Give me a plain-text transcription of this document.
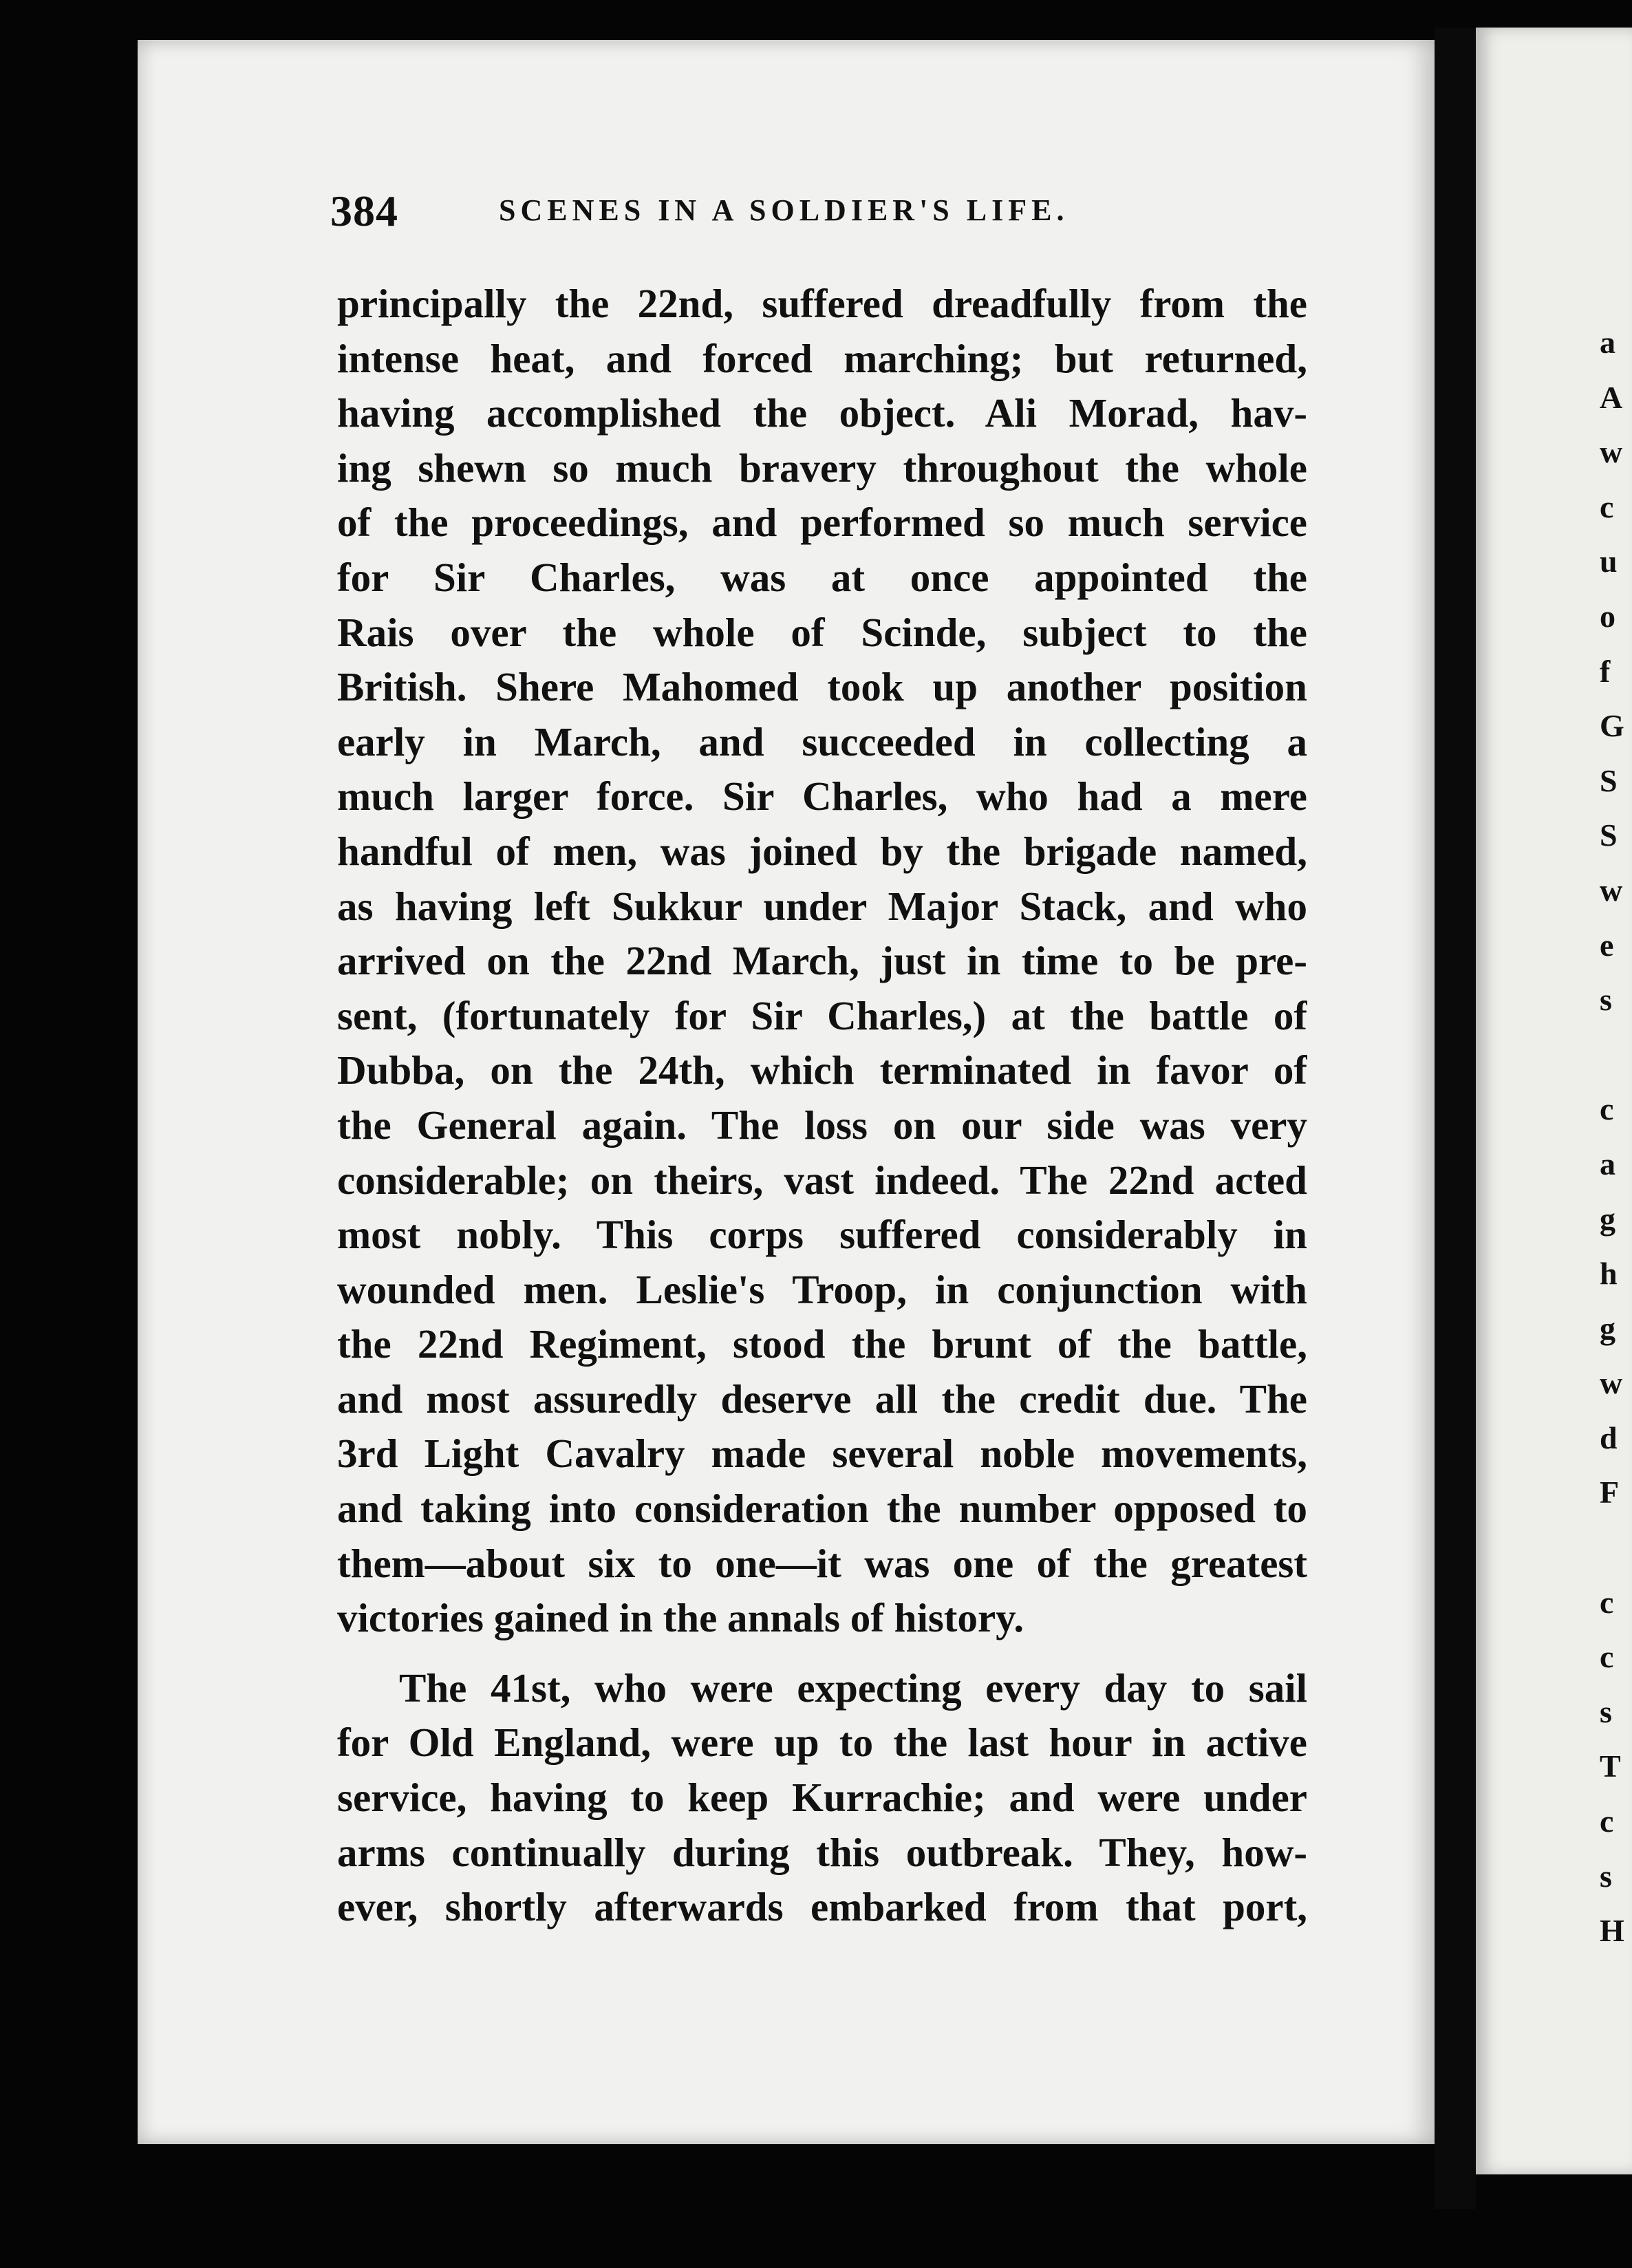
384	SCENES IN A SOLDIER'S LIFE.
principally the 22nd, suffered dreadfully from the
intense heat, and forced marching; but returned,
having accomplished the object. Ali Morad, hav-
ing shewn so much bravery throughout the whole
of the proceedings, and performed so much service
for Sir Charles, was at once appointed the
Rais over the whole of Scinde, subject to the
British. Shere Mahomed took up another position
early in March, and succeeded in collecting a
much larger force. Sir Charles, who had a mere
handful of men, was joined by the brigade named,
as having left Sukkur under Major Stack, and who
arrived on the 22nd March, just in time to be pre-
sent, (fortunately for Sir Charles,) at the battle of
Dubba, on the 24th, which terminated in favor of
the General again. The loss on our side was very
considerable; on theirs, vast indeed. The 22nd acted
most nobly. This corps suffered considerably in
wounded men. Leslie's Troop, in conjunction with
the 22nd Regiment, stood the brunt of the battle,
and most assuredly deserve all the credit due. The
3rd Light Cavalry made several noble movements,
and taking into consideration the number opposed to
them—about six to one—it was one of the greatest
victories gained in the annals of history.
The 41st, who were expecting every day to sail
for Old England, were up to the last hour in active
service, having to keep Kurrachie; and were under
arms continually during this outbreak. They, how-
ever, shortly afterwards embarked from that port,
a
A
w
c
u
o
f
G
S
S
w
e
s
c
a
g
h
g
w
d
F
c
c
s
T
c
s
H
